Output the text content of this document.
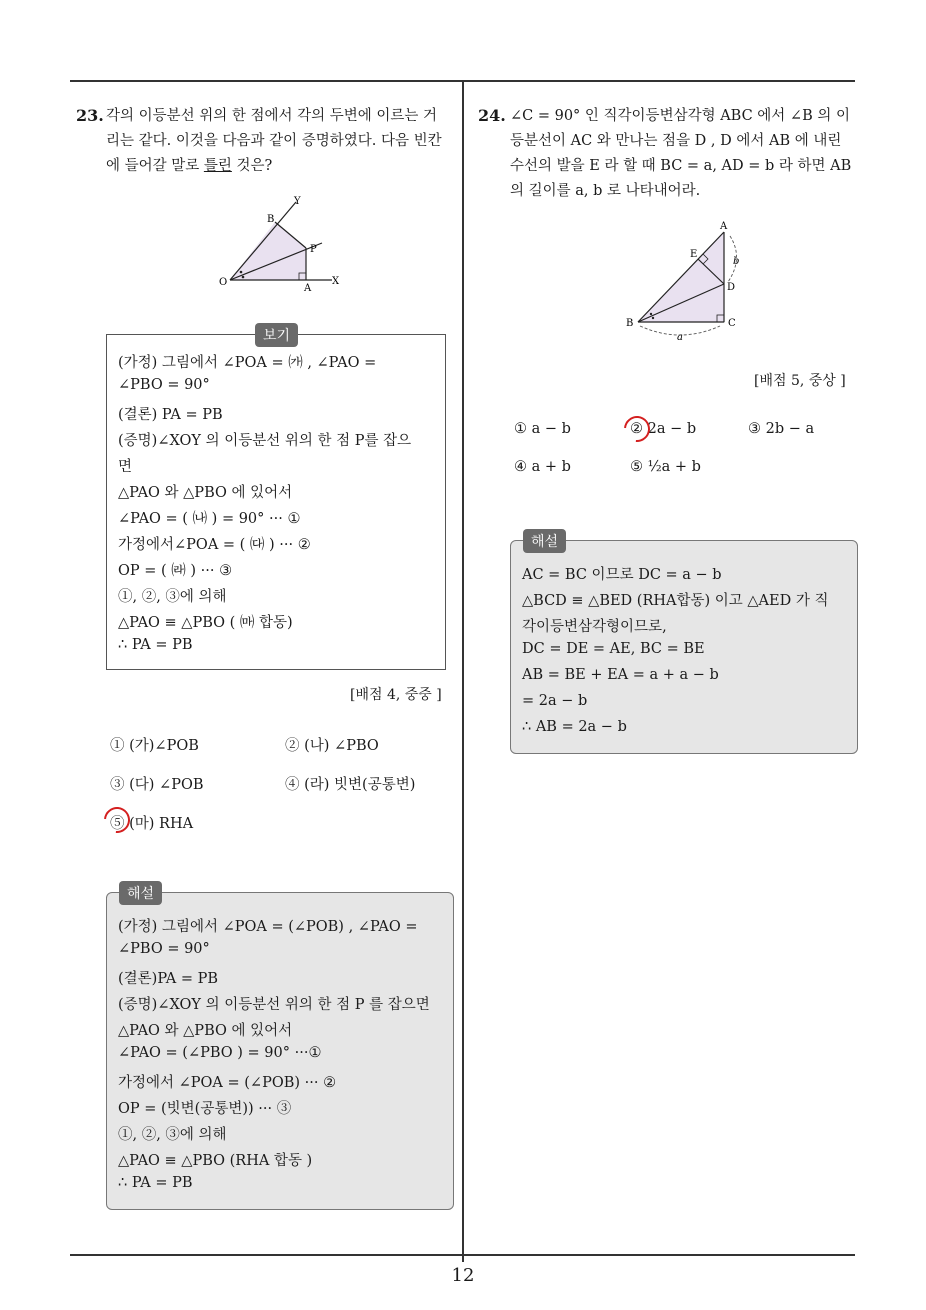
12
23. 각의 이등분선 위의 한 점에서 각의 두변에 이르는 거
리는 같다. 이것을 다음과 같이 증명하였다. 다음 빈칸
에 들어갈 말로 틀린 것은?
Y
B
P
O
A
X
보기
(가정) 그림에서 ∠POA = ㈎ , ∠PAO =
∠PBO = 90°
(결론) PA = PB
(증명)∠XOY 의 이등분선 위의 한 점 P를 잡으
면
△PAO 와 △PBO 에 있어서
∠PAO = ( ㈏ ) = 90° ··· ①
가정에서∠POA = ( ㈐ ) ··· ②
OP = ( ㈑ ) ··· ③
①, ②, ③에 의해
△PAO ≡ △PBO ( ㈒ 합동)
∴ PA = PB
[배점 4, 중중 ]
① (가)∠POB	② (나) ∠PBO
③ (다) ∠POB	④ (라) 빗변(공통변)
⑤ (마) RHA
해설
(가정) 그림에서 ∠POA = (∠POB) , ∠PAO =
∠PBO = 90°
(결론)PA = PB
(증명)∠XOY 의 이등분선 위의 한 점 P 를 잡으면
△PAO 와 △PBO 에 있어서
∠PAO = (∠PBO ) = 90° ···①
가정에서 ∠POA = (∠POB) ··· ②
OP = (빗변(공통변)) ··· ③
①, ②, ③에 의해
△PAO ≡ △PBO (RHA 합동 )
∴ PA = PB
24. ∠C = 90° 인 직각이등변삼각형 ABC 에서 ∠B 의 이
등분선이 AC 와 만나는 점을 D , D 에서 AB 에 내린
수선의 발을 E 라 할 때 BC = a, AD = b 라 하면 AB
의 길이를 a, b 로 나타내어라.
A
E
b
D
B	C
a
[배점 5, 중상 ]
① a − b	② 2a − b	③ 2b − a
④ a + b	⑤ ½a + b
해설
AC = BC 이므로 DC = a − b
△BCD ≡ △BED (RHA합동) 이고 △AED 가 직
각이등변삼각형이므로,
DC = DE = AE, BC = BE
AB = BE + EA = a + a − b
= 2a − b
∴ AB = 2a − b
